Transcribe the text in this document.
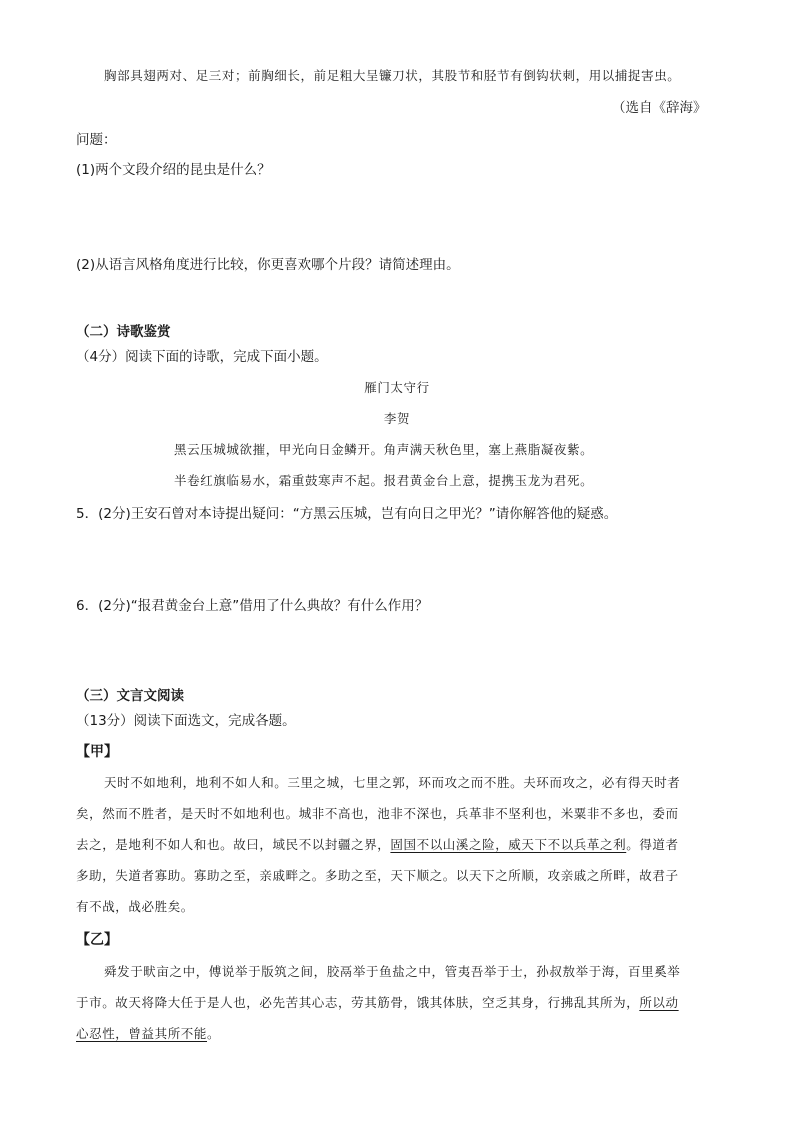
胸部具翅两对、足三对；前胸细长，前足粗大呈镰刀状，其股节和胫节有倒钩状刺，用以捕捉害虫。
（选自《辞海》
问题：
(1)两个文段介绍的昆虫是什么？
(2)从语言风格角度进行比较，你更喜欢哪个片段？请简述理由。
（二）诗歌鉴赏
（4分）阅读下面的诗歌，完成下面小题。
雁门太守行
李贺
黑云压城城欲摧，甲光向日金鳞开。角声满天秋色里，塞上燕脂凝夜紫。
半卷红旗临易水，霜重鼓寒声不起。报君黄金台上意，提携玉龙为君死。
5．(2分)王安石曾对本诗提出疑问：“方黑云压城，岂有向日之甲光？”请你解答他的疑惑。
6．(2分)“报君黄金台上意”借用了什么典故？有什么作用？
（三）文言文阅读
（13分）阅读下面选文，完成各题。
【甲】
天时不如地利，地利不如人和。三里之城，七里之郭，环而攻之而不胜。夫环而攻之，必有得天时者
矣，然而不胜者，是天时不如地利也。城非不高也，池非不深也，兵革非不坚利也，米粟非不多也，委而
去之，是地利不如人和也。故曰，域民不以封疆之界，固国不以山溪之险，威天下不以兵革之利。得道者
多助，失道者寡助。寡助之至，亲戚畔之。多助之至，天下顺之。以天下之所顺，攻亲戚之所畔，故君子
有不战，战必胜矣。
【乙】
舜发于畎亩之中，傅说举于版筑之间，胶鬲举于鱼盐之中，管夷吾举于士，孙叔敖举于海，百里奚举
于市。故天将降大任于是人也，必先苦其心志，劳其筋骨，饿其体肤，空乏其身，行拂乱其所为，所以动
心忍性，曾益其所不能。
